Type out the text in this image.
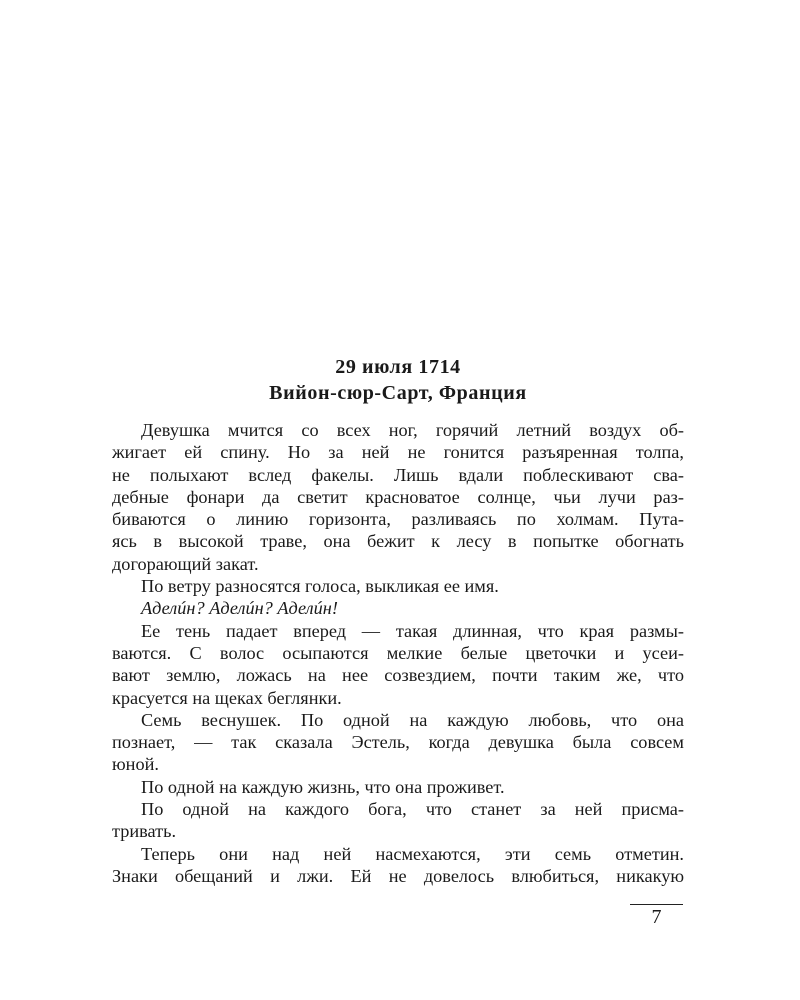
29 июля 1714
Вийон-сюр-Сарт, Франция
Девушка мчится со всех ног, горячий летний воздух об-
жигает ей спину. Но за ней не гонится разъяренная толпа,
не полыхают вслед факелы. Лишь вдали поблескивают сва-
дебные фонари да светит красноватое солнце, чьи лучи раз-
биваются о линию горизонта, разливаясь по холмам. Пута-
ясь в высокой траве, она бежит к лесу в попытке обогнать
догорающий закат.
По ветру разносятся голоса, выкликая ее имя.
Аделúн? Аделúн? Аделúн!
Ее тень падает вперед — такая длинная, что края размы-
ваются. С волос осыпаются мелкие белые цветочки и усеи-
вают землю, ложась на нее созвездием, почти таким же, что
красуется на щеках беглянки.
Семь веснушек. По одной на каждую любовь, что она
познает, — так сказала Эстель, когда девушка была совсем
юной.
По одной на каждую жизнь, что она проживет.
По одной на каждого бога, что станет за ней присма-
тривать.
Теперь они над ней насмехаются, эти семь отметин.
Знаки обещаний и лжи. Ей не довелось влюбиться, никакую
7
